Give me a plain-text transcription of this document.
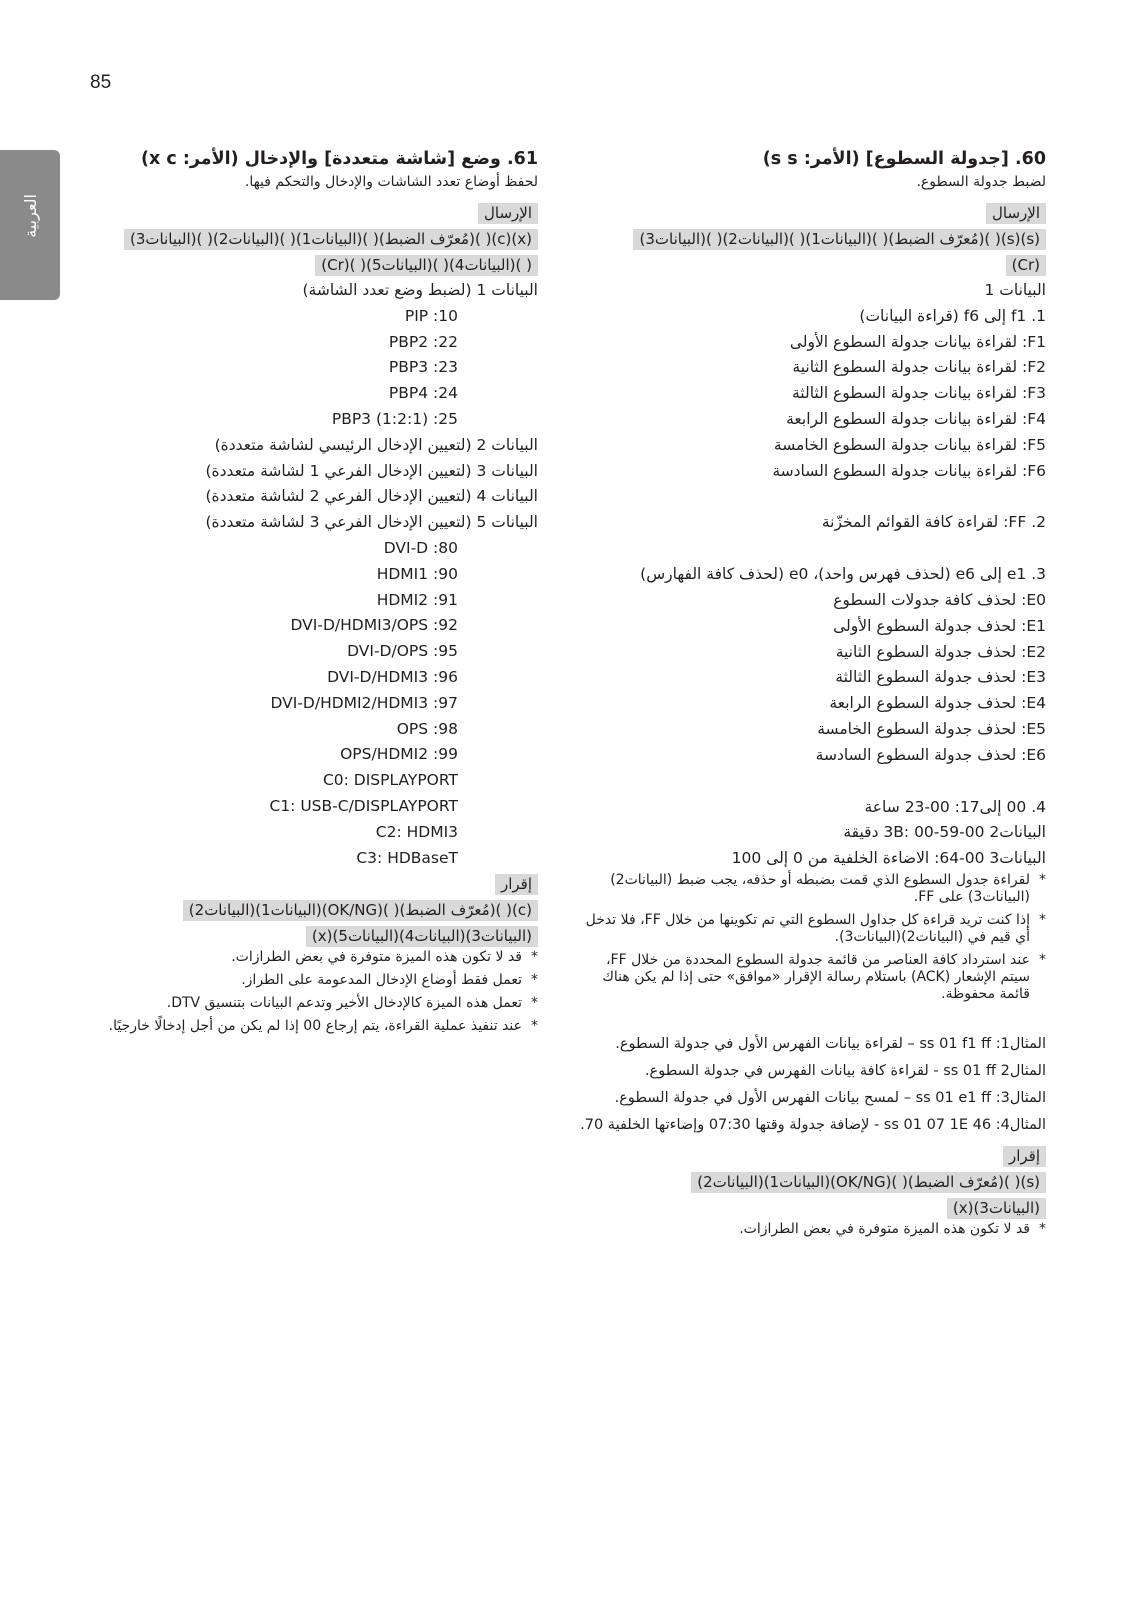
85
العربية
60. [جدولة السطوع] (الأمر: s s)
لضبط جدولة السطوع.
الإرسال
(s)(s)( )(مُعرّف الضبط)( )(البيانات1)( )(البيانات2)( )(البيانات3)
(Cr)
البيانات 1
1. f1 إلى f6 (قراءة البيانات)
F1: لقراءة بيانات جدولة السطوع الأولى
F2: لقراءة بيانات جدولة السطوع الثانية
F3: لقراءة بيانات جدولة السطوع الثالثة
F4: لقراءة بيانات جدولة السطوع الرابعة
F5: لقراءة بيانات جدولة السطوع الخامسة
F6: لقراءة بيانات جدولة السطوع السادسة
2. FF: لقراءة كافة القوائم المخزّنة
3. e1 إلى e6 (لحذف فهرس واحد)، e0 (لحذف كافة الفهارس)
E0: لحذف كافة جدولات السطوع
E1: لحذف جدولة السطوع الأولى
E2: لحذف جدولة السطوع الثانية
E3: لحذف جدولة السطوع الثالثة
E4: لحذف جدولة السطوع الرابعة
E5: لحذف جدولة السطوع الخامسة
E6: لحذف جدولة السطوع السادسة
4. 00 إلى17: 00-23 ساعة
البيانات2 00-3B: 00-59 دقيقة
البيانات3 00-64: الاضاءة الخلفية من 0 إلى 100
* لقراءة جدول السطوع الذي قمت بضبطه أو حذفه، يجب ضبط (البيانات2)(البيانات3) على FF.
* إذا كنت تريد قراءة كل جداول السطوع التي تم تكوينها من خلال FF، فلا تدخل أي قيم في (البيانات2)(البيانات3).
* عند استرداد كافة العناصر من قائمة جدولة السطوع المحددة من خلال FF، سيتم الإشعار (ACK) باستلام رسالة الإقرار «موافق» حتى إذا لم يكن هناك قائمة محفوظة.
المثال1: ss 01 f1 ff – لقراءة بيانات الفهرس الأول في جدولة السطوع.
المثال2 ss 01 ff - لقراءة كافة بيانات الفهرس في جدولة السطوع.
المثال3: ss 01 e1 ff – لمسح بيانات الفهرس الأول في جدولة السطوع.
المثال4: ss 01 07 1E 46 - لإضافة جدولة وقتها 07:30 وإضاءتها الخلفية 70.
إقرار
(s)( )(مُعرّف الضبط)( )(OK/NG)(البيانات1)(البيانات2)
(البيانات3)(x)
* قد لا تكون هذه الميزة متوفرة في بعض الطرازات.
61. وضع [شاشة متعددة] والإدخال (الأمر: x c)
لحفظ أوضاع تعدد الشاشات والإدخال والتحكم فيها.
الإرسال
(x)(c)( )(مُعرّف الضبط)( )(البيانات1)( )(البيانات2)( )(البيانات3)
( )(البيانات4)( )(البيانات5)( )(Cr)
البيانات 1 (لضبط وضع تعدد الشاشة)
10: PIP
22: PBP2
23: PBP3
24: PBP4
25: (1:2:1) PBP3
البيانات 2 (لتعيين الإدخال الرئيسي لشاشة متعددة)
البيانات 3 (لتعيين الإدخال الفرعي 1 لشاشة متعددة)
البيانات 4 (لتعيين الإدخال الفرعي 2 لشاشة متعددة)
البيانات 5 (لتعيين الإدخال الفرعي 3 لشاشة متعددة)
80: DVI-D
90: HDMI1
91: HDMI2
92: DVI-D/HDMI3/OPS
95: DVI-D/OPS
96: DVI-D/HDMI3
97: DVI-D/HDMI2/HDMI3
98: OPS
99: OPS/HDMI2
C0: DISPLAYPORT
C1: USB-C/DISPLAYPORT
C2: HDMI3
C3: HDBaseT
إقرار
(c)( )(مُعرّف الضبط)( )(OK/NG)(البيانات1)(البيانات2)
(البيانات3)(البيانات4)(البيانات5)(x)
* قد لا تكون هذه الميزة متوفرة في بعض الطرازات.
* تعمل فقط أوضاع الإدخال المدعومة على الطراز.
* تعمل هذه الميزة كالإدخال الأخير وتدعم البيانات بتنسيق DTV.
* عند تنفيذ عملية القراءة، يتم إرجاع 00 إذا لم يكن من أجل إدخالًا خارجيًا.
